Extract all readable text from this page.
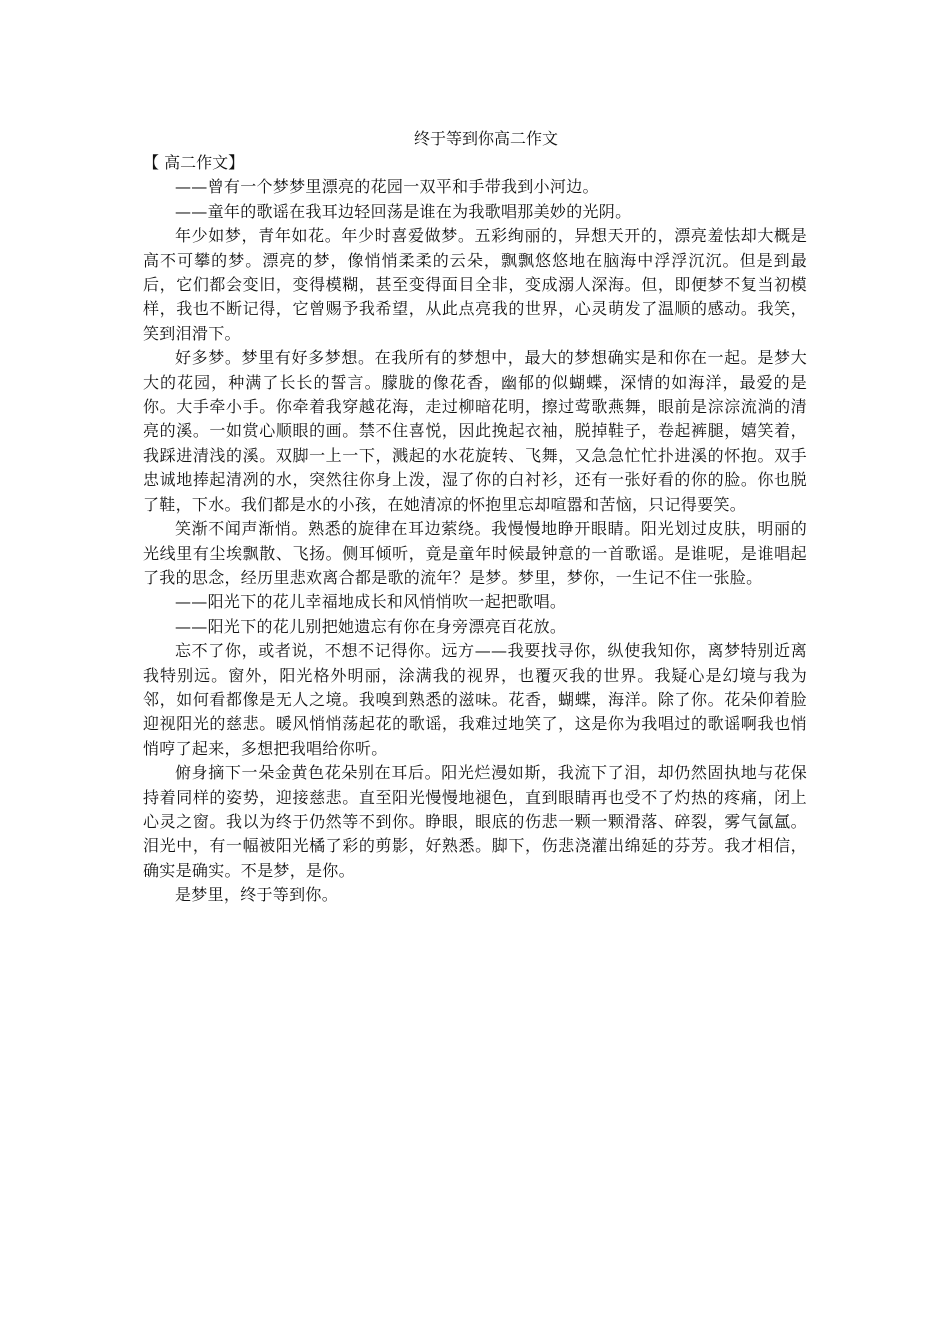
终于等到你高二作文
【 高二作文】

——曾有一个梦梦里漂亮的花园一双平和手带我到小河边。

——童年的歌谣在我耳边轻回荡是谁在为我歌唱那美妙的光阴。

年少如梦，青年如花。年少时喜爱做梦。五彩绚丽的，异想天开的，漂亮羞怯却大概是高不可攀的梦。漂亮的梦，像悄悄柔柔的云朵，飘飘悠悠地在脑海中浮浮沉沉。但是到最后，它们都会变旧，变得模糊，甚至变得面目全非，变成溺人深海。但，即便梦不复当初模样，我也不断记得，它曾赐予我希望，从此点亮我的世界，心灵萌发了温顺的感动。我笑，笑到泪滑下。

好多梦。梦里有好多梦想。在我所有的梦想中，最大的梦想确实是和你在一起。是梦大大的花园，种满了长长的誓言。朦胧的像花香，幽郁的似蝴蝶，深情的如海洋，最爱的是你。大手牵小手。你牵着我穿越花海，走过柳暗花明，擦过莺歌燕舞，眼前是淙淙流淌的清亮的溪。一如赏心顺眼的画。禁不住喜悦，因此挽起衣袖，脱掉鞋子，卷起裤腿，嬉笑着，我踩进清浅的溪。双脚一上一下，溅起的水花旋转、飞舞，又急急忙忙扑进溪的怀抱。双手忠诚地捧起清冽的水，突然往你身上泼，湿了你的白衬衫，还有一张好看的你的脸。你也脱了鞋，下水。我们都是水的小孩，在她清凉的怀抱里忘却喧嚣和苦恼，只记得要笑。

笑渐不闻声渐悄。熟悉的旋律在耳边萦绕。我慢慢地睁开眼睛。阳光划过皮肤，明丽的光线里有尘埃飘散、飞扬。侧耳倾听，竟是童年时候最钟意的一首歌谣。是谁呢，是谁唱起了我的思念，经历里悲欢离合都是歌的流年？是梦。梦里，梦你，一生记不住一张脸。

——阳光下的花儿幸福地成长和风悄悄吹一起把歌唱。

——阳光下的花儿别把她遗忘有你在身旁漂亮百花放。

忘不了你，或者说，不想不记得你。远方——我要找寻你，纵使我知你，离梦特别近离我特别远。窗外，阳光格外明丽，涂满我的视界，也覆灭我的世界。我疑心是幻境与我为邻，如何看都像是无人之境。我嗅到熟悉的滋味。花香，蝴蝶，海洋。除了你。花朵仰着脸迎视阳光的慈悲。暖风悄悄荡起花的歌谣，我难过地笑了，这是你为我唱过的歌谣啊我也悄悄哼了起来，多想把我唱给你听。

俯身摘下一朵金黄色花朵别在耳后。阳光烂漫如斯，我流下了泪，却仍然固执地与花保持着同样的姿势，迎接慈悲。直至阳光慢慢地褪色，直到眼睛再也受不了灼热的疼痛，闭上心灵之窗。我以为终于仍然等不到你。睁眼，眼底的伤悲一颗一颗滑落、碎裂，雾气氤氲。泪光中，有一幅被阳光橘了彩的剪影，好熟悉。脚下，伤悲浇灌出绵延的芬芳。我才相信，确实是确实。不是梦，是你。

是梦里，终于等到你。
